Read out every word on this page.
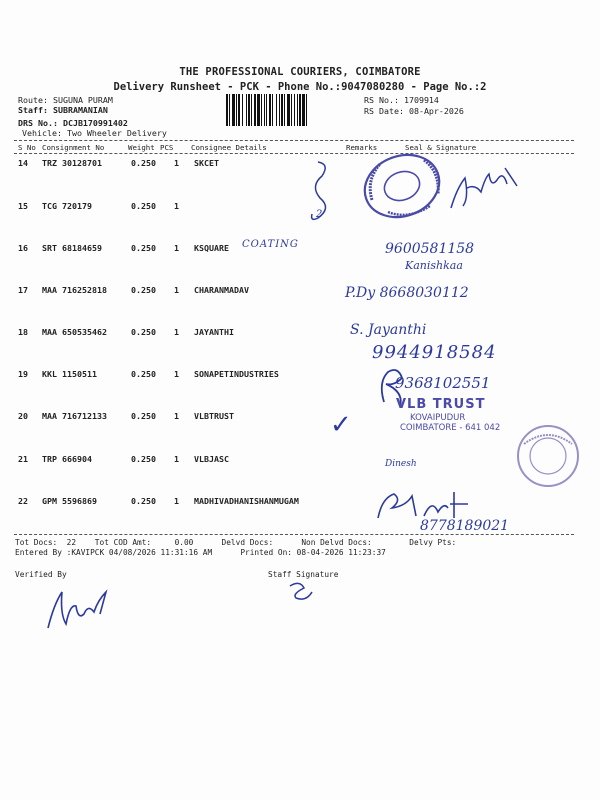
THE PROFESSIONAL COURIERS, COIMBATORE
Delivery Runsheet - PCK - Phone No.:9047080280 - Page No.:2
Route: SUGUNA PURAM
Staff: SUBRAMANIAN
DRS No.: DCJB170991402
Vehicle: Two Wheeler Delivery
RS No.: 1709914
RS Date: 08-Apr-2026
S No Consignment No	Weight PCS Consignee Details	Remarks	Seal & Signature
14 TRZ 30128701	0.250 1 SKCET
15 TCG 720179	0.250 1
16 SRT 68184659	0.250 1 KSQUARE
17 MAA 716252818	0.250 1 CHARANMADAV
18 MAA 650535462	0.250 1 JAYANTHI
19 KKL 1150511	0.250 1 SONAPETINDUSTRIES
20 MAA 716712133	0.250 1 VLBTRUST
21 TRP 666904	0.250 1 VLBJASC
22 GPM 5596869	0.250 1 MADHIVADHANISHANMUGAM
2
COATING	9600581158
Kanishkaa
P.Dy 8668030112
S. Jayanthi
9944918584
9368102551
VLB TRUST
KOVAIPUDUR
COIMBATORE - 641 042
✓
Dinesh
8778189021
Tot Docs:  22    Tot COD Amt:     0.00      Delvd Docs:      Non Delvd Docs:        Delvy Pts:
Entered By :KAVIPCK 04/08/2026 11:31:16 AM      Printed On: 08-04-2026 11:23:37
Verified By	Staff Signature
